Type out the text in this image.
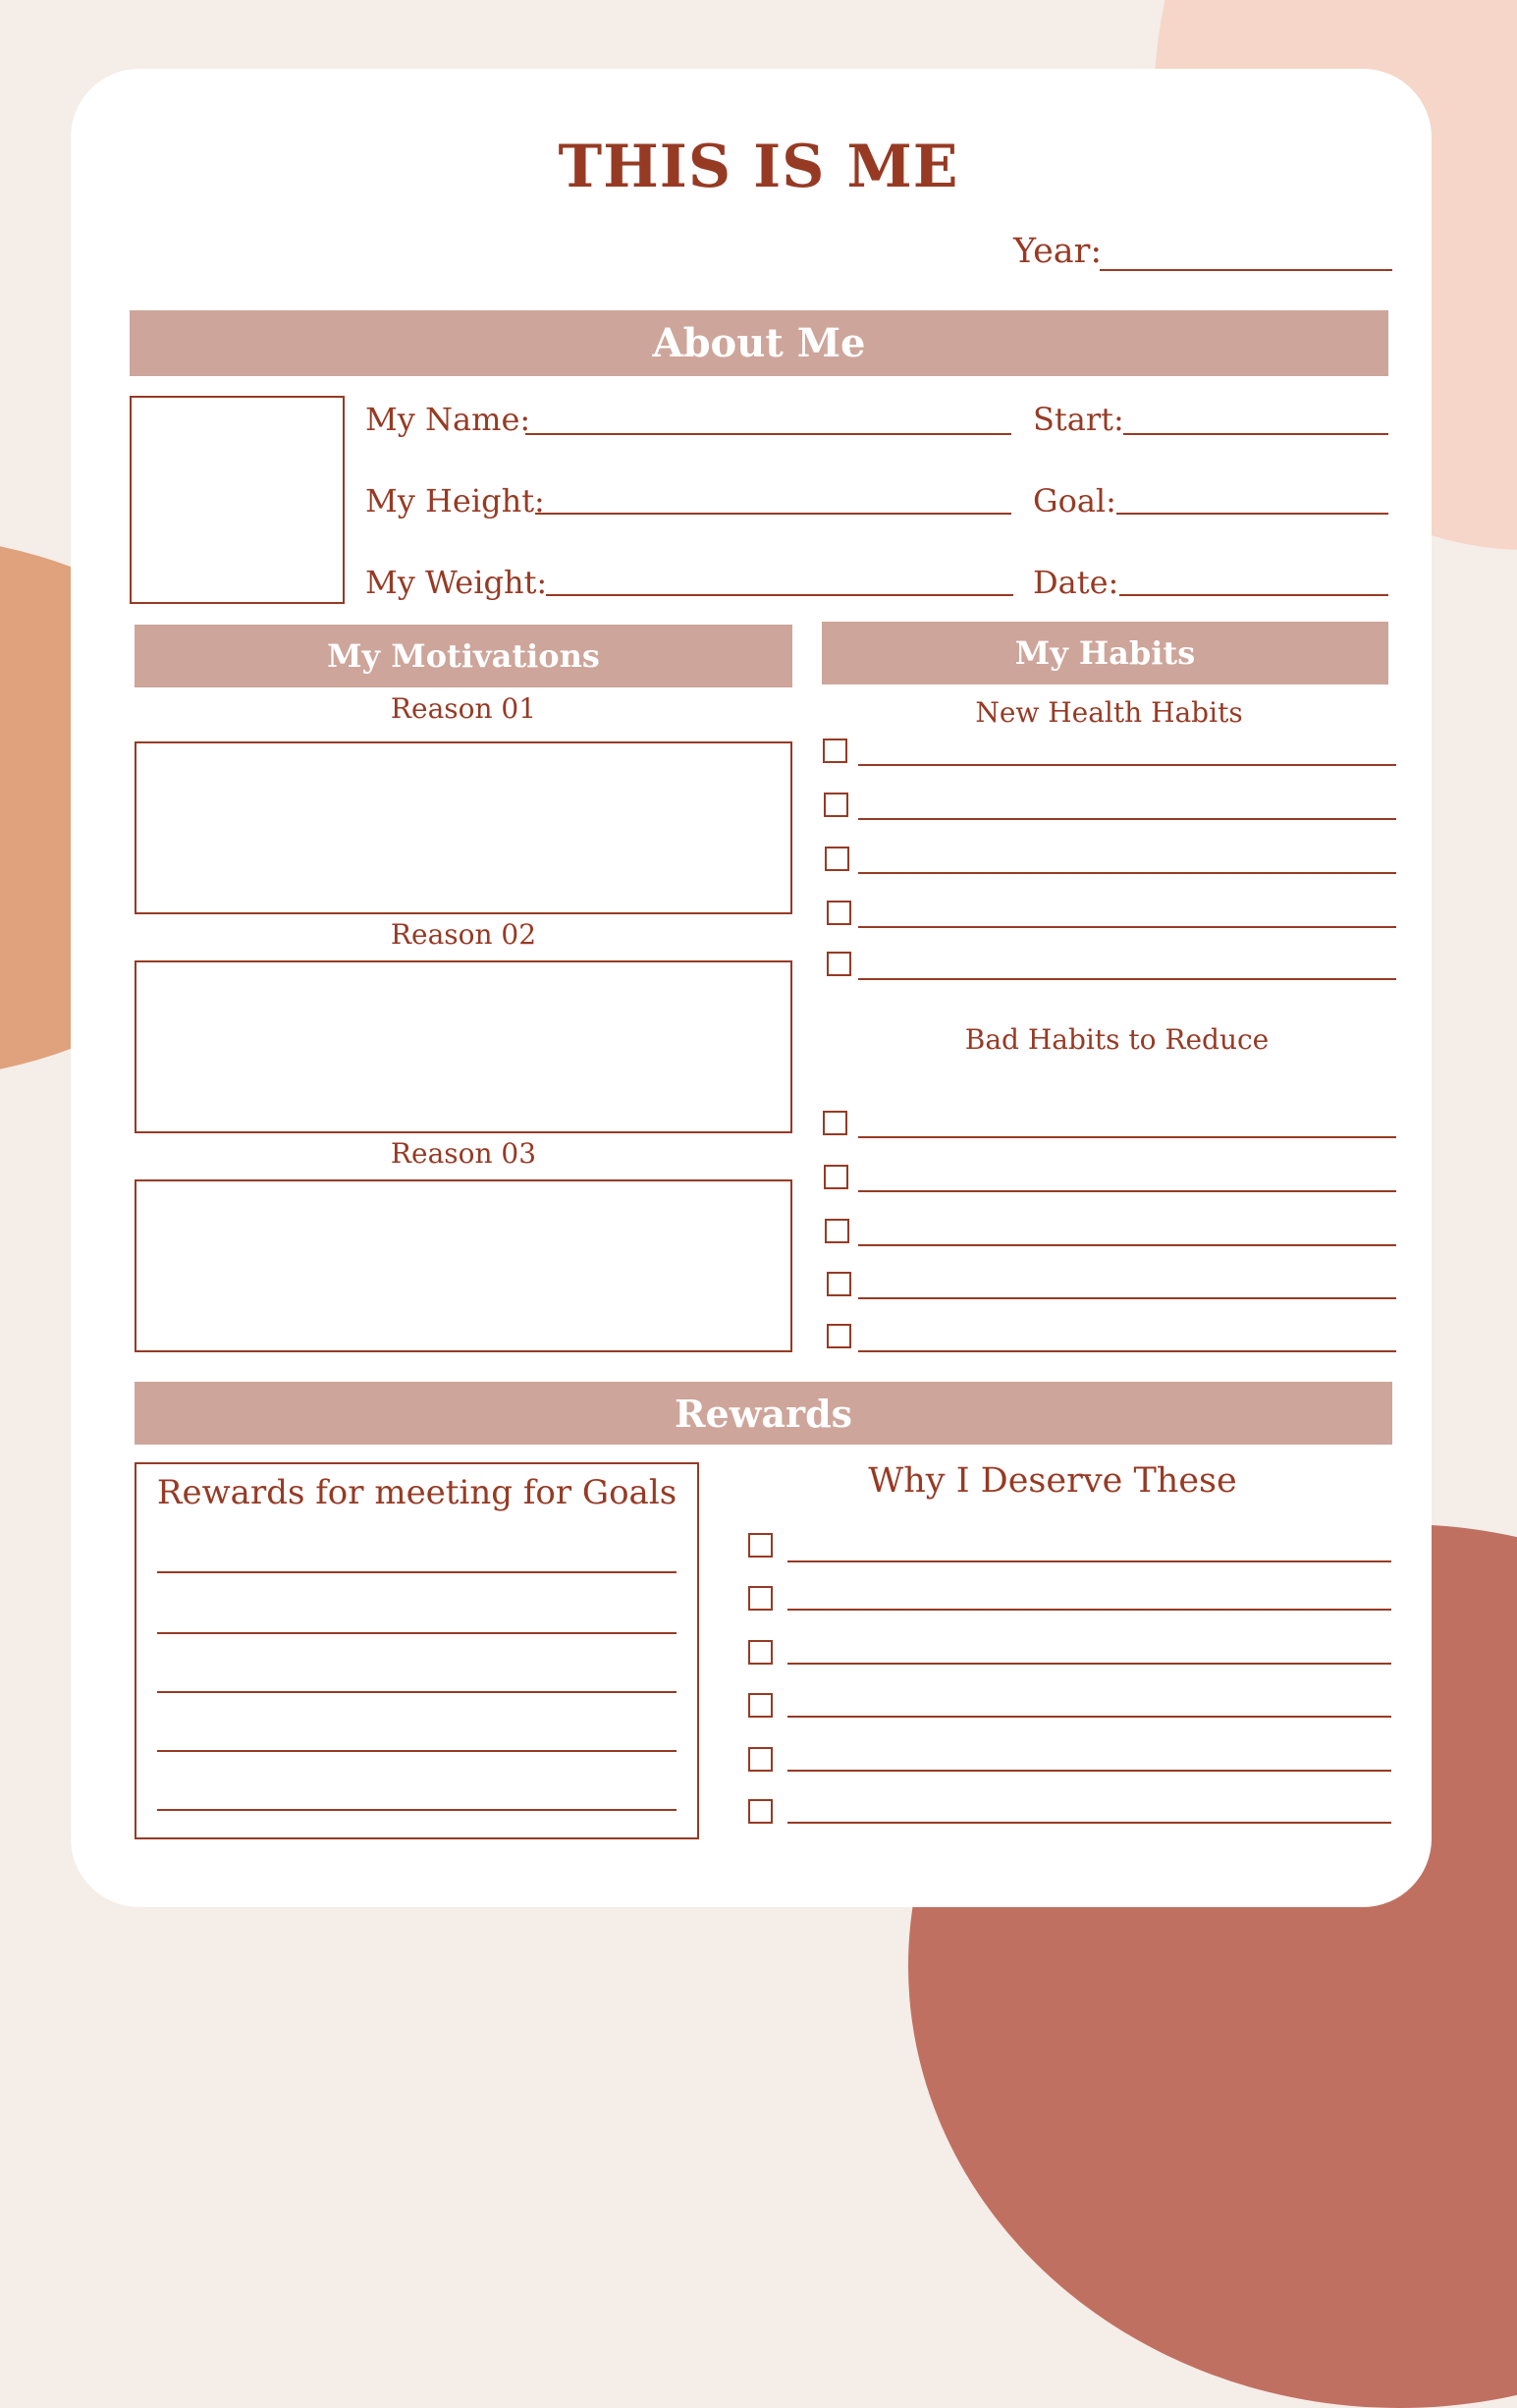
THIS IS ME
Year:
About Me
My Name:
My Height:
My Weight:
Start:
Goal:
Date:
My Motivations
Reason 01
Reason 02
Reason 03
My Habits
New Health Habits
Bad Habits to Reduce
Rewards
Rewards for meeting for Goals	Why I Deserve These
